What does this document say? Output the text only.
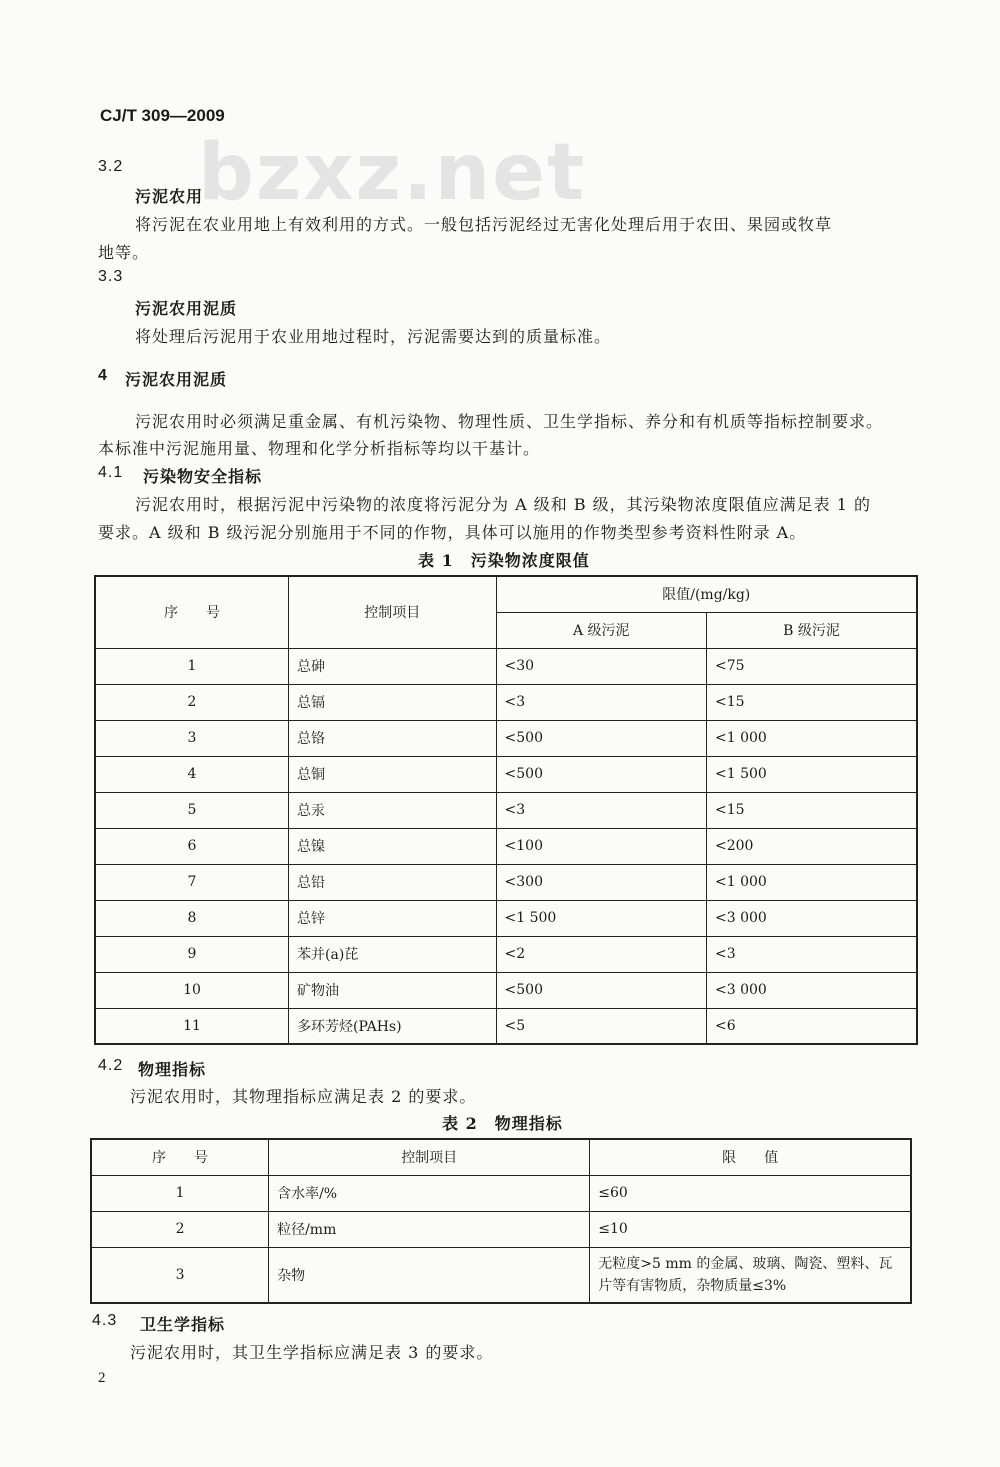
CJ/T 309—2009
bzxz.net
3.2
污泥农用
将污泥在农业用地上有效利用的方式。一般包括污泥经过无害化处理后用于农田、果园或牧草
地等。
3.3
污泥农用泥质
将处理后污泥用于农业用地过程时，污泥需要达到的质量标准。
4 污泥农用泥质
污泥农用时必须满足重金属、有机污染物、物理性质、卫生学指标、养分和有机质等指标控制要求。
本标准中污泥施用量、物理和化学分析指标等均以干基计。
4.1 污染物安全指标
污泥农用时，根据污泥中污染物的浓度将污泥分为 A 级和 B 级，其污染物浓度限值应满足表 1 的
要求。A 级和 B 级污泥分别施用于不同的作物，具体可以施用的作物类型参考资料性附录 A。
表 1　污染物浓度限值
序　　号	控制项目	限值/(mg/kg)	
		A 级污泥	B 级污泥
1	总砷	<30	<75
2	总镉	<3	<15
3	总铬	<500	<1 000
4	总铜	<500	<1 500
5	总汞	<3	<15
6	总镍	<100	<200
7	总铅	<300	<1 000
8	总锌	<1 500	<3 000
9	苯并(a)芘	<2	<3
10	矿物油	<500	<3 000
11	多环芳烃(PAHs)	<5	<6
4.2 物理指标
污泥农用时，其物理指标应满足表 2 的要求。
表 2　物理指标
序　　号	控制项目	限　　值
1	含水率/%	≤60
2	粒径/mm	≤10
3	杂物	无粒度>5 mm 的金属、玻璃、陶瓷、塑料、瓦
片等有害物质，杂物质量≤3%
4.3 卫生学指标
污泥农用时，其卫生学指标应满足表 3 的要求。
2
